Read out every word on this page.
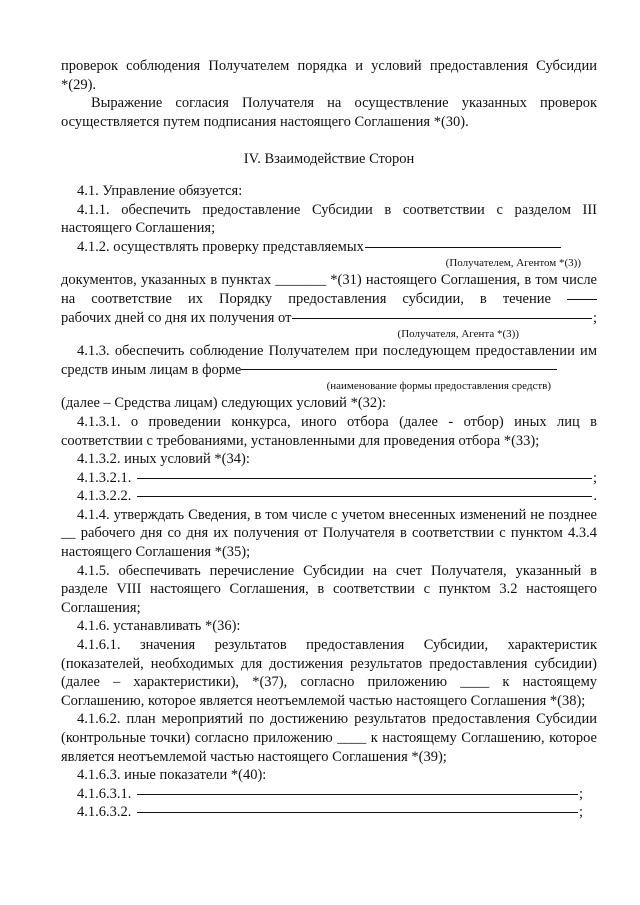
проверок соблюдения Получателем порядка и условий предоставления Субсидии

*(29).

Выражение согласия Получателя на осуществление указанных проверок осуществляется путем подписания настоящего Соглашения *(30).

IV. Взаимодействие Сторон

4.1. Управление обязуется:

4.1.1. обеспечить предоставление Субсидии в соответствии с разделом III настоящего Соглашения;

4.1.2. осуществлять проверку представляемых

(Получателем, Агентом *(3))

документов, указанных в пунктах _______ *(31) настоящего Соглашения, в том числе на соответствие их Порядку предоставления субсидии, в течение

рабочих дней со дня их получения от	;

(Получателя, Агента *(3))

4.1.3. обеспечить соблюдение Получателем при последующем предоставлении им средств иным лицам в форме

(наименование формы предоставления средств)

(далее – Средства лицам) следующих условий *(32):

4.1.3.1. о проведении конкурса, иного отбора (далее - отбор) иных лиц в соответствии с требованиями, установленными для проведения отбора *(33);

4.1.3.2. иных условий *(34):

4.1.3.2.1.	;
4.1.3.2.2.	.

4.1.4. утверждать Сведения, в том числе с учетом внесенных изменений не позднее __ рабочего дня со дня их получения от Получателя в соответствии с пунктом 4.3.4 настоящего Соглашения *(35);

4.1.5. обеспечивать перечисление Субсидии на счет Получателя, указанный в разделе VIII настоящего Соглашения, в соответствии с пунктом 3.2 настоящего Соглашения;

4.1.6. устанавливать *(36):

4.1.6.1. значения результатов предоставления Субсидии, характеристик (показателей, необходимых для достижения результатов предоставления субсидии) (далее – характеристики), *(37), согласно приложению ____ к настоящему Соглашению, которое является неотъемлемой частью настоящего Соглашения *(38);

4.1.6.2. план мероприятий по достижению результатов предоставления Субсидии (контрольные точки) согласно приложению ____ к настоящему Соглашению, которое является неотъемлемой частью настоящего Соглашения *(39);

4.1.6.3. иные показатели *(40):

4.1.6.3.1.	;
4.1.6.3.2.	;
